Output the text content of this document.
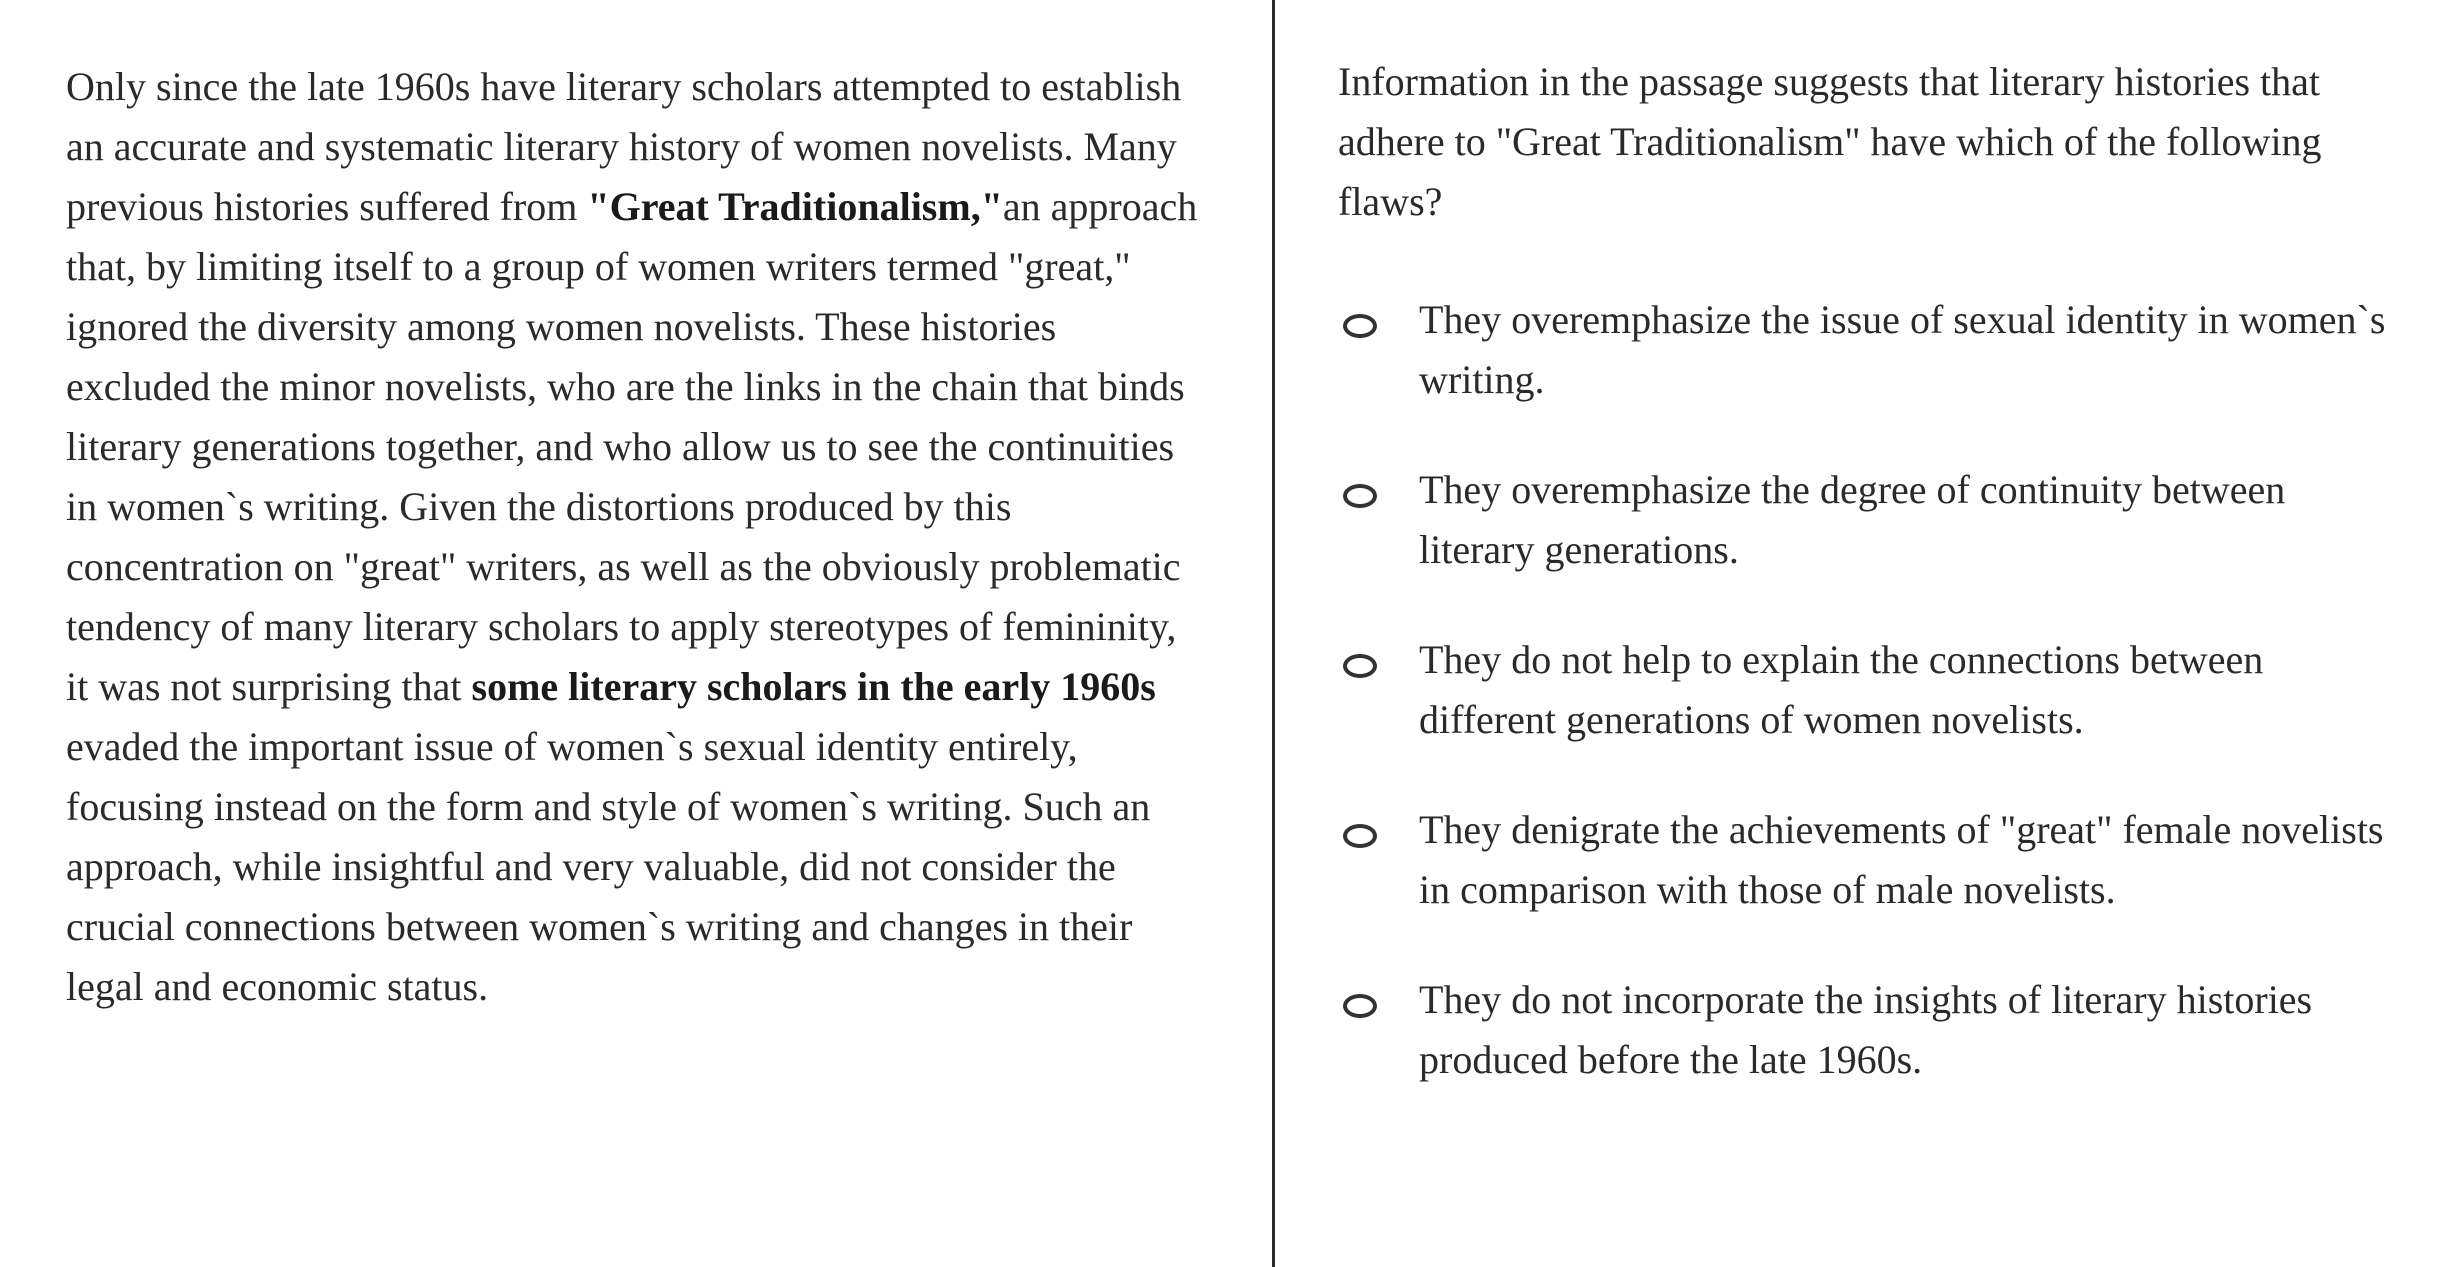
Only since the late 1960s have literary scholars attempted to establish an accurate and systematic literary history of women novelists. Many previous histories suffered from "Great Traditionalism,"an approach that, by limiting itself to a group of women writers termed "great," ignored the diversity among women novelists. These histories excluded the minor novelists, who are the links in the chain that binds literary generations together, and who allow us to see the continuities in women`s writing. Given the distortions produced by this concentration on "great" writers, as well as the obviously problematic tendency of many literary scholars to apply stereotypes of femininity, it was not surprising that some literary scholars in the early 1960s evaded the important issue of women`s sexual identity entirely, focusing instead on the form and style of women`s writing. Such an approach, while insightful and very valuable, did not consider the crucial connections between women`s writing and changes in their legal and economic status.

Information in the passage suggests that literary histories that adhere to "Great Traditionalism" have which of the following flaws?

They overemphasize the issue of sexual identity in women`s writing.
They overemphasize the degree of continuity between literary generations.
They do not help to explain the connections between different generations of women novelists.
They denigrate the achievements of "great" female novelists in comparison with those of male novelists.
They do not incorporate the insights of literary histories produced before the late 1960s.
